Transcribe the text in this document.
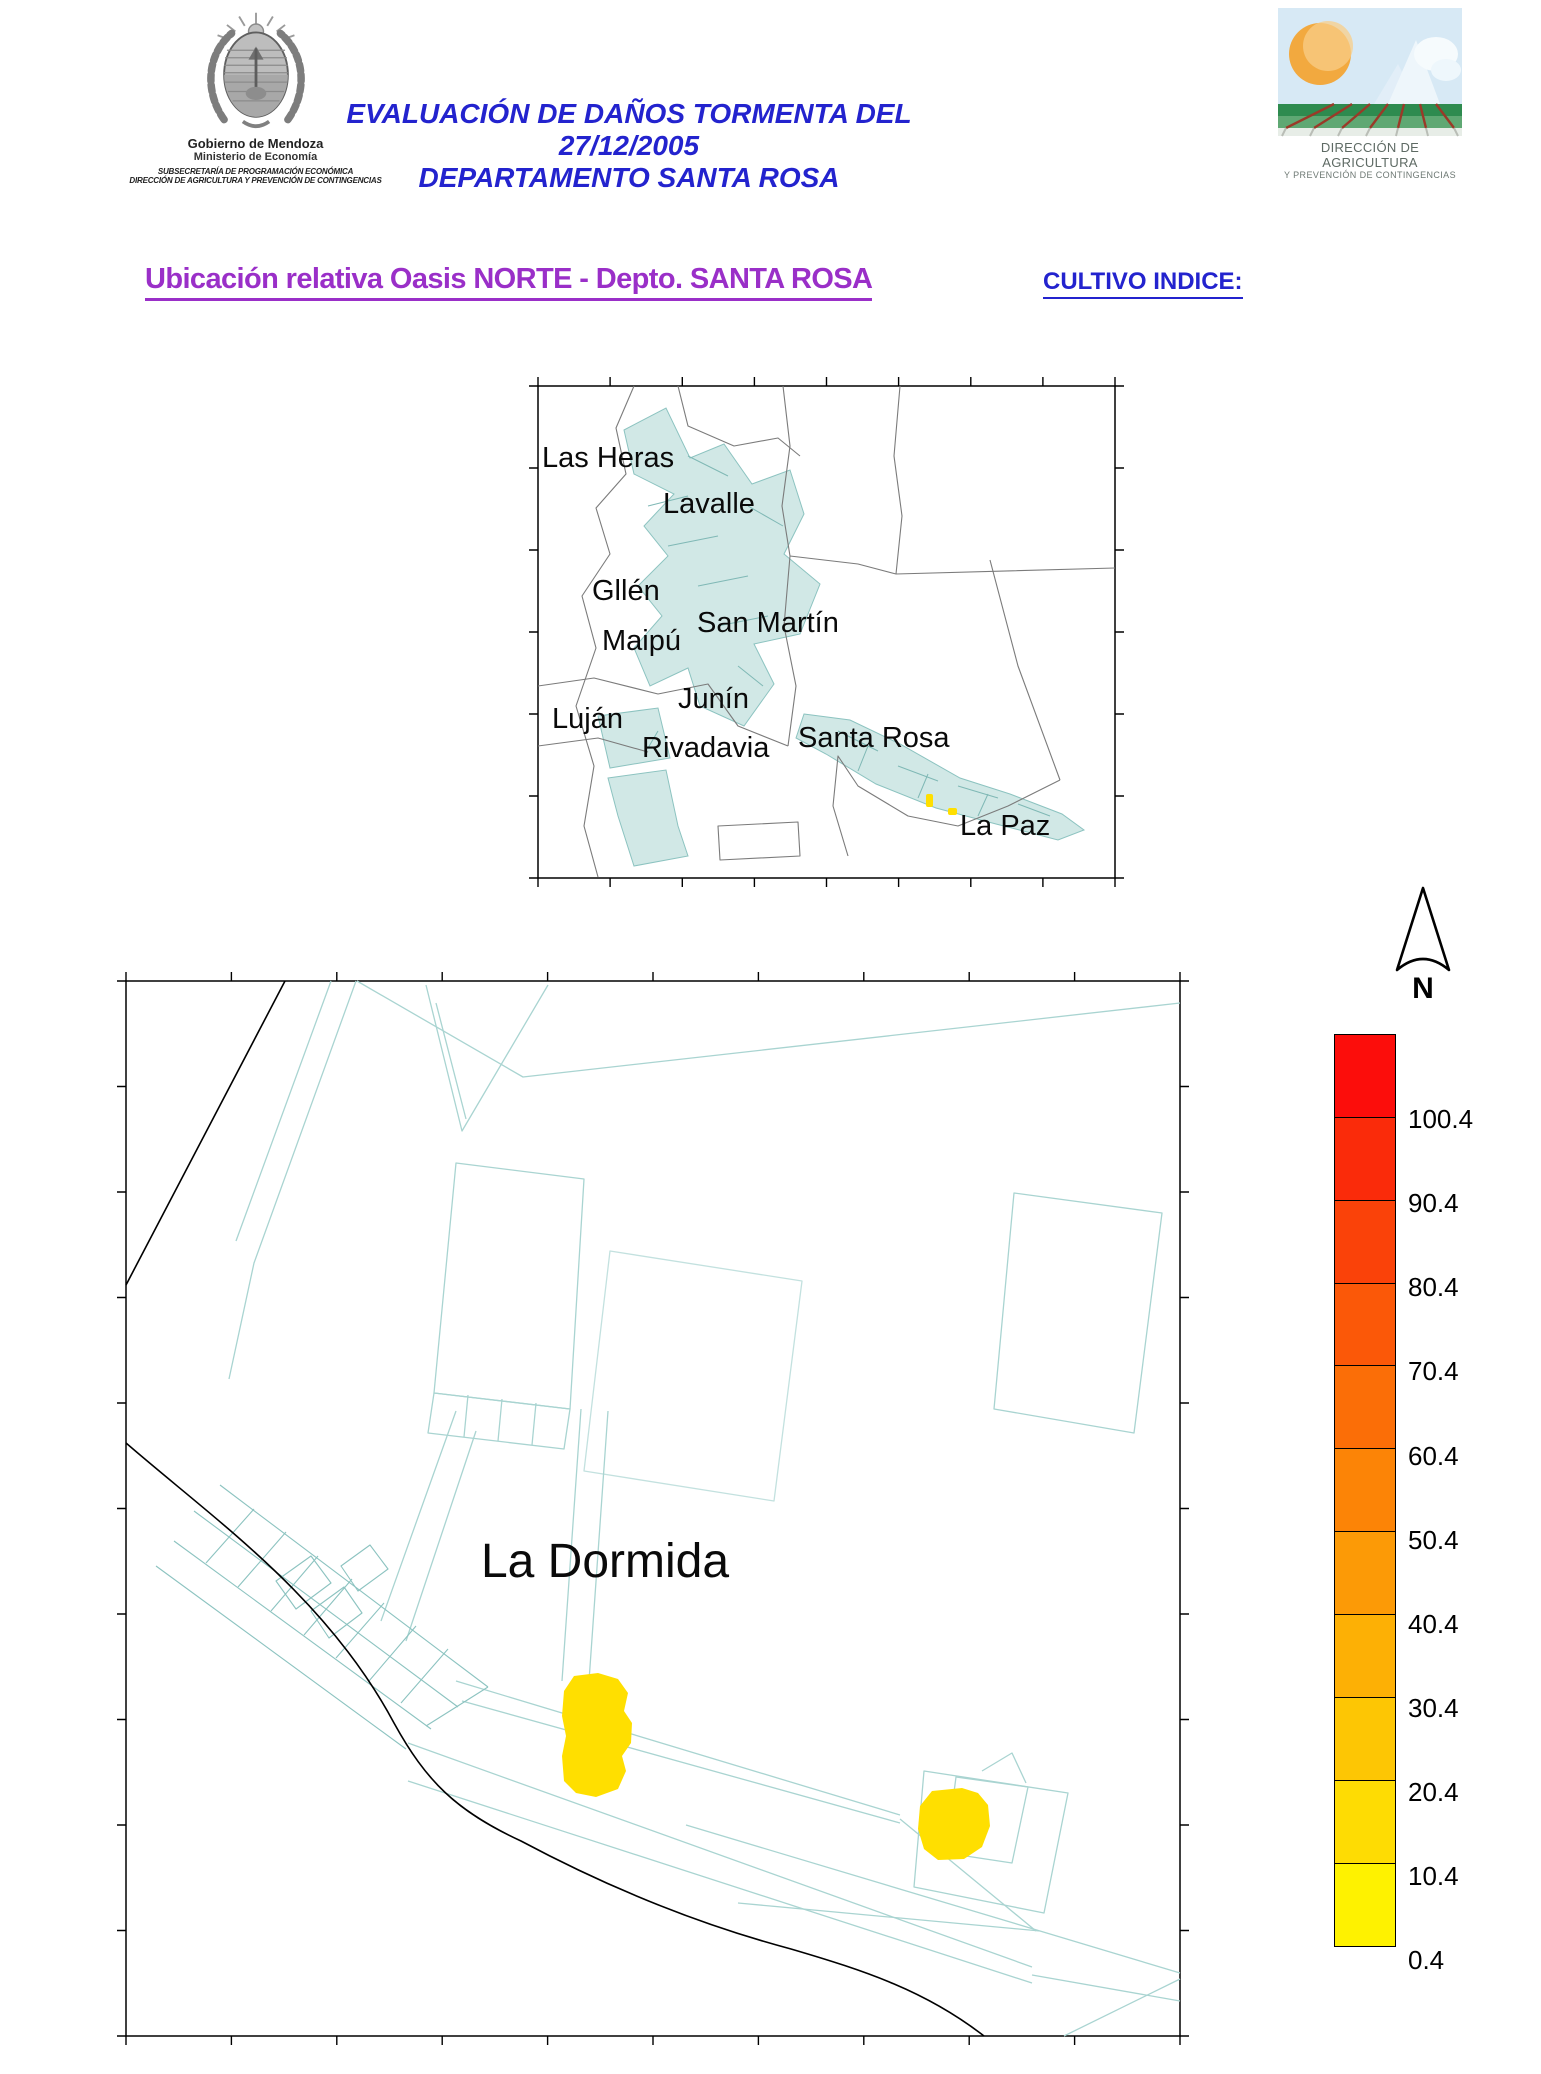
Gobierno de Mendoza
Ministerio de Economía
SUBSECRETARÍA DE PROGRAMACIÓN ECONÓMICA
DIRECCIÓN DE AGRICULTURA Y PREVENCIÓN DE CONTINGENCIAS
EVALUACIÓN DE DAÑOS TORMENTA DEL 27/12/2005
DEPARTAMENTO SANTA ROSA
DIRECCIÓN DE AGRICULTURA
Y PREVENCIÓN DE CONTINGENCIAS
Ubicación relativa Oasis NORTE - Depto. SANTA ROSA	CULTIVO INDICE:
Las Heras
Lavalle
Gllén
San Martín
Maipú
Junín
Luján
Rivadavia Santa Rosa
La Paz
N
100.4
90.4
80.4
70.4
60.4
50.4
40.4
30.4
20.4
10.4
0.4
La Dormida
